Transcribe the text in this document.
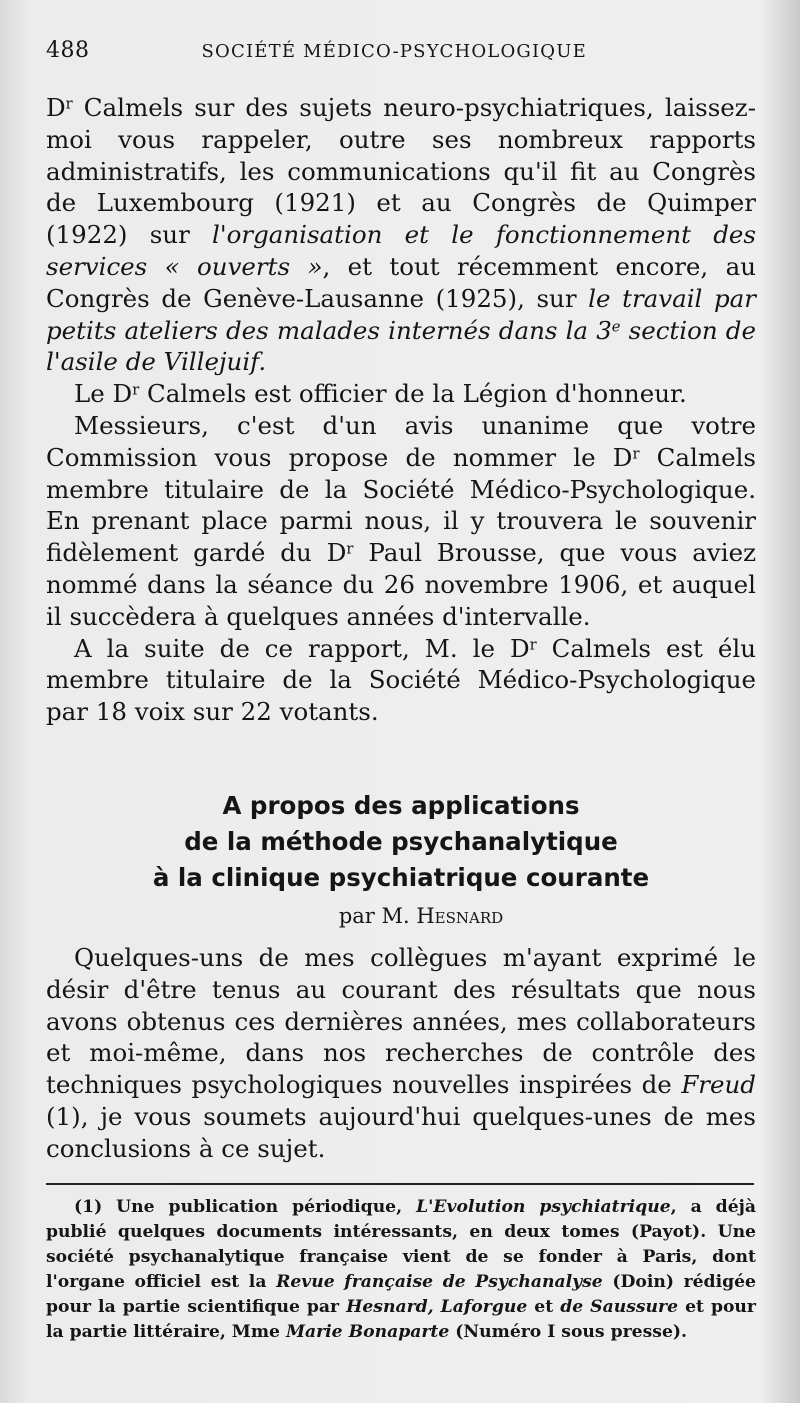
488	SOCIÉTÉ MÉDICO-PSYCHOLOGIQUE

$D^r$ Calmels sur des sujets neuro-psychiatriques, laissez-moi vous rappeler, outre ses nombreux rapports administratifs, les communications qu'il fit au Congrès de Luxembourg (1921) et au Congrès de Quimper (1922) sur l'organisation et le fonctionnement des services « ouverts », et tout récemment encore, au Congrès de Genève-Lausanne (1925), sur le travail par petits ateliers des malades internés dans la 3e section de l'asile de Villejuif.

Le $D^r$ Calmels est officier de la Légion d'honneur.

Messieurs, c'est d'un avis unanime que votre Commission vous propose de nommer le $D^r$ Calmels membre titulaire de la Société Médico-Psychologique. En prenant place parmi nous, il y trouvera le souvenir fidèlement gardé du $D^r$ Paul Brousse, que vous aviez nommé dans la séance du 26 novembre 1906, et auquel il succèdera à quelques années d'intervalle.

A la suite de ce rapport, M. le $D^r$ Calmels est élu membre titulaire de la Société Médico-Psychologique par 18 voix sur 22 votants.

A propos des applications
de la méthode psychanalytique
à la clinique psychiatrique courante
par M. Hesnard

Quelques-uns de mes collègues m'ayant exprimé le désir d'être tenus au courant des résultats que nous avons obtenus ces dernières années, mes collaborateurs et moi-même, dans nos recherches de contrôle des techniques psychologiques nouvelles inspirées de Freud (1), je vous soumets aujourd'hui quelques-unes de mes conclusions à ce sujet.

(1) Une publication périodique, L'Evolution psychiatrique, a déjà publié quelques documents intéressants, en deux tomes (Payot). Une société psychanalytique française vient de se fonder à Paris, dont l'organe officiel est la Revue française de Psychanalyse (Doin) rédigée pour la partie scientifique par Hesnard, Laforgue et de Saussure et pour la partie littéraire, Mme Marie Bonaparte (Numéro I sous presse).
